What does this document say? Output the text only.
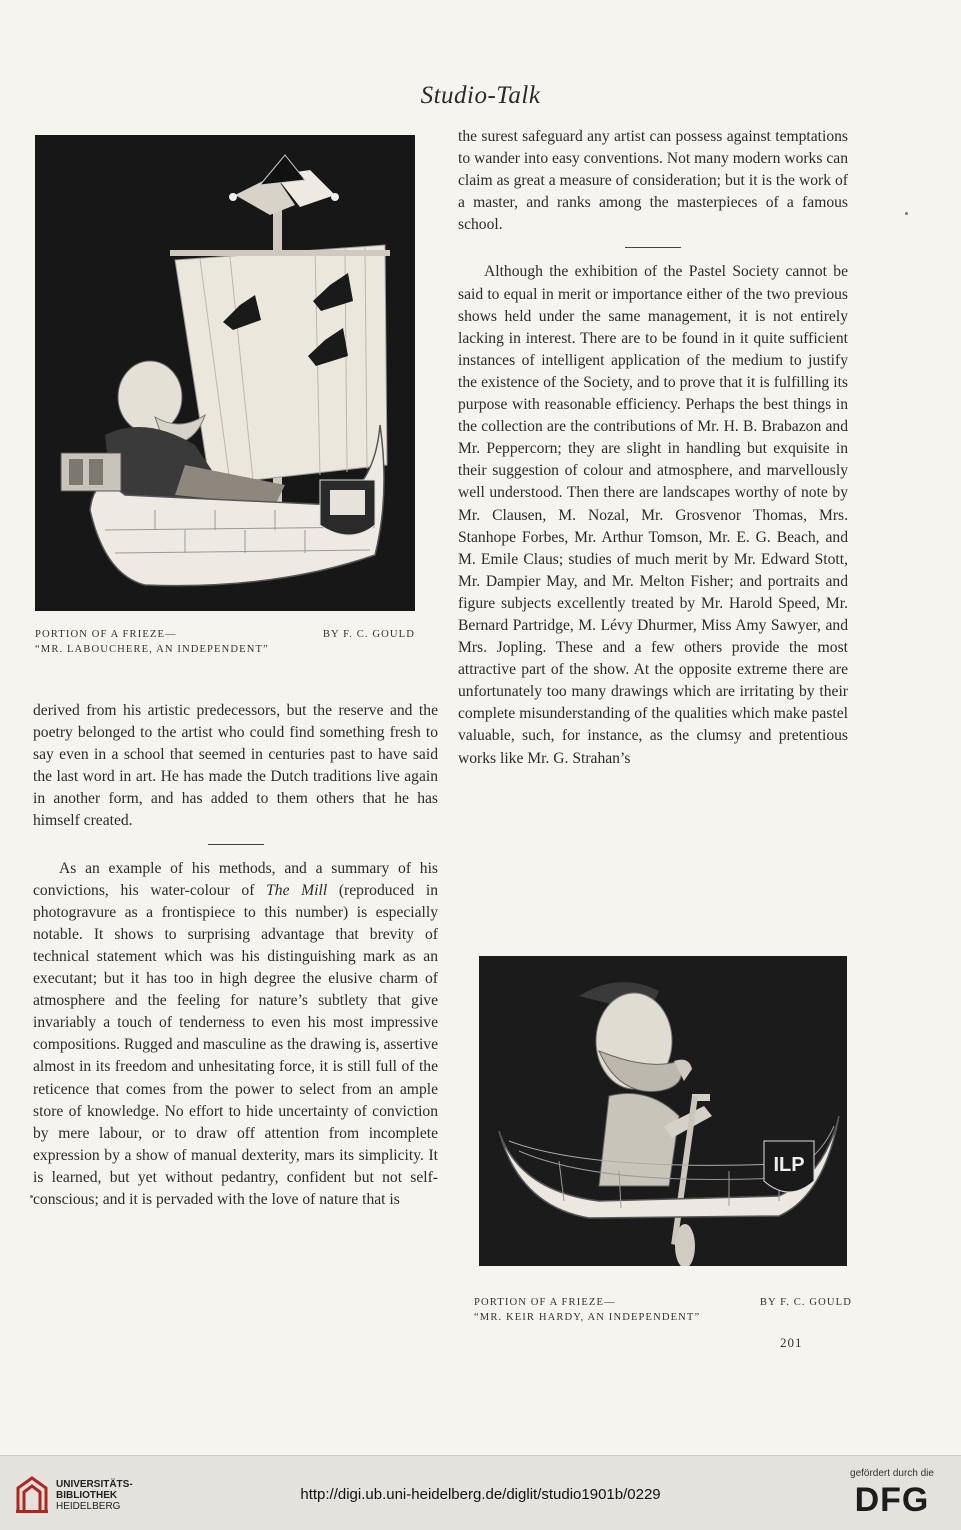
Studio-Talk
PORTION OF A FRIEZE—	BY F. C. GOULD
“MR. LABOUCHERE, AN INDEPENDENT”

derived from his artistic predecessors, but the reserve and the poetry belonged to the artist who could find something fresh to say even in a school that seemed in centuries past to have said the last word in art. He has made the Dutch traditions live again in another form, and has added to them others that he has himself created.

As an example of his methods, and a summary of his convictions, his water-colour of The Mill (reproduced in photogravure as a frontispiece to this number) is especially notable. It shows to surprising advantage that brevity of technical statement which was his distinguishing mark as an executant; but it has too in high degree the elusive charm of atmosphere and the feeling for nature’s subtlety that give invariably a touch of tenderness to even his most impressive compositions. Rugged and masculine as the drawing is, assertive almost in its freedom and unhesitating force, it is still full of the reticence that comes from the power to select from an ample store of knowledge. No effort to hide uncertainty of conviction by mere labour, or to draw off attention from incomplete expression by a show of manual dexterity, mars its simplicity. It is learned, but yet without pedantry, confident but not self-conscious; and it is pervaded with the love of nature that is

the surest safeguard any artist can possess against temptations to wander into easy conventions. Not many modern works can claim as great a measure of consideration; but it is the work of a master, and ranks among the masterpieces of a famous school.

Although the exhibition of the Pastel Society cannot be said to equal in merit or importance either of the two previous shows held under the same management, it is not entirely lacking in interest. There are to be found in it quite sufficient instances of intelligent application of the medium to justify the existence of the Society, and to prove that it is fulfilling its purpose with reasonable efficiency. Perhaps the best things in the collection are the contributions of Mr. H. B. Brabazon and Mr. Peppercorn; they are slight in handling but exquisite in their suggestion of colour and atmosphere, and marvellously well understood. Then there are landscapes worthy of note by Mr. Clausen, M. Nozal, Mr. Grosvenor Thomas, Mrs. Stanhope Forbes, Mr. Arthur Tomson, Mr. E. G. Beach, and M. Emile Claus; studies of much merit by Mr. Edward Stott, Mr. Dampier May, and Mr. Melton Fisher; and portraits and figure subjects excellently treated by Mr. Harold Speed, Mr. Bernard Partridge, M. Lévy Dhurmer, Miss Amy Sawyer, and Mrs. Jopling. These and a few others provide the most attractive part of the show. At the opposite extreme there are unfortunately too many drawings which are irritating by their complete misunderstanding of the qualities which make pastel valuable, such, for instance, as the clumsy and pretentious works like Mr. G. Strahan’s

ILP
PORTION OF A FRIEZE—	BY F. C. GOULD
“MR. KEIR HARDY, AN INDEPENDENT”
201
UNIVERSITÄTS-
BIBLIOTHEK
HEIDELBERG
http://digi.ub.uni-heidelberg.de/diglit/studio1901b/0229
gefördert durch die
DFG
